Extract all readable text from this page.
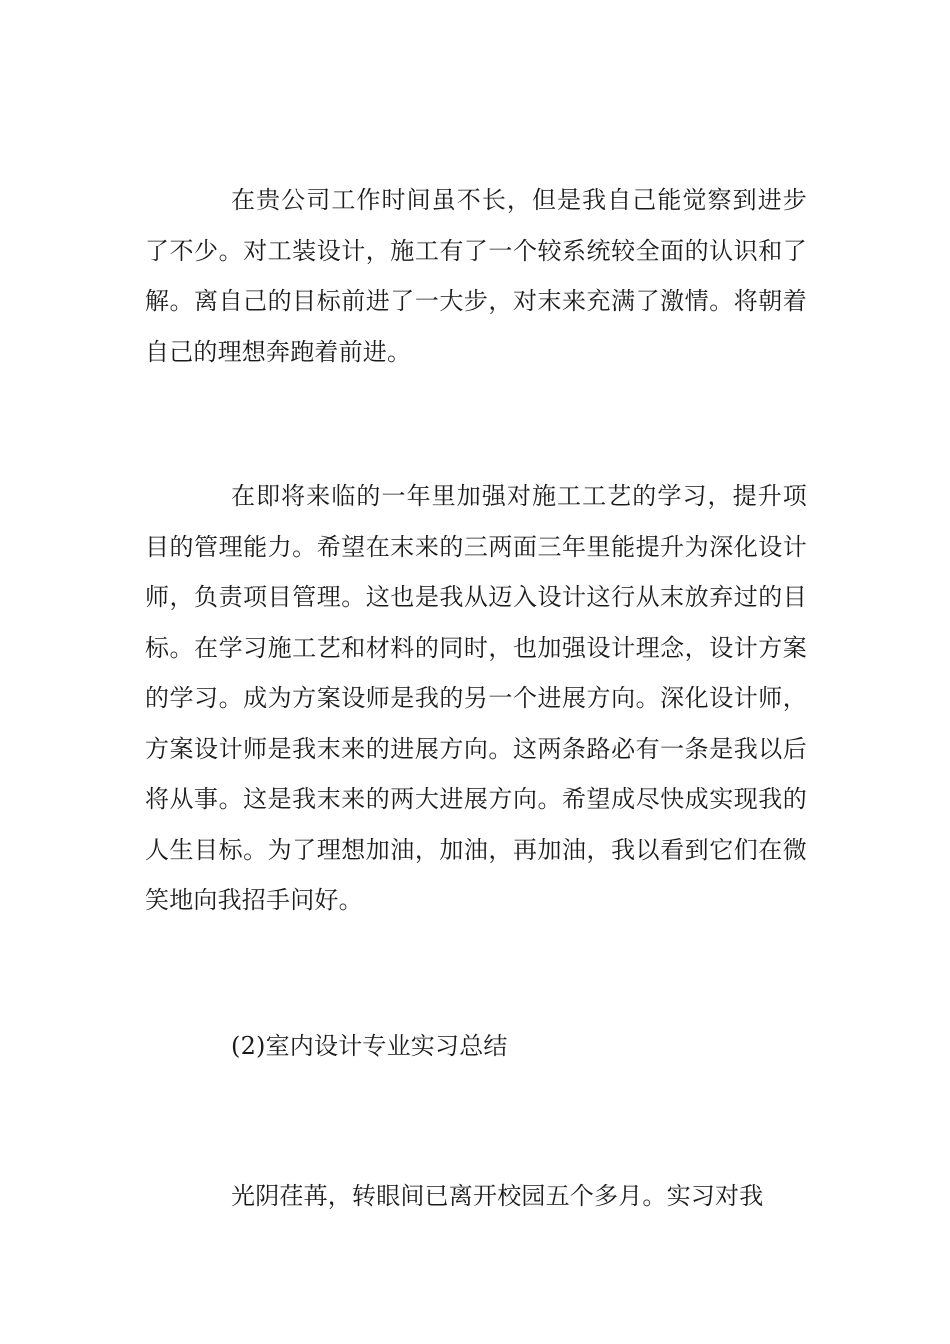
在贵公司工作时间虽不长，但是我自己能觉察到进步了不少。对工装设计，施工有了一个较系统较全面的认识和了解。离自己的目标前进了一大步，对末来充满了激情。将朝着自己的理想奔跑着前进。

在即将来临的一年里加强对施工工艺的学习，提升项目的管理能力。希望在末来的三两面三年里能提升为深化设计师，负责项目管理。这也是我从迈入设计这行从末放弃过的目标。在学习施工艺和材料的同时，也加强设计理念，设计方案的学习。成为方案设师是我的另一个进展方向。深化设计师，方案设计师是我末来的进展方向。这两条路必有一条是我以后将从事。这是我末来的两大进展方向。希望成尽快成实现我的人生目标。为了理想加油，加油，再加油，我以看到它们在微笑地向我招手问好。

(2)室内设计专业实习总结

光阴荏苒，转眼间已离开校园五个多月。实习对我
